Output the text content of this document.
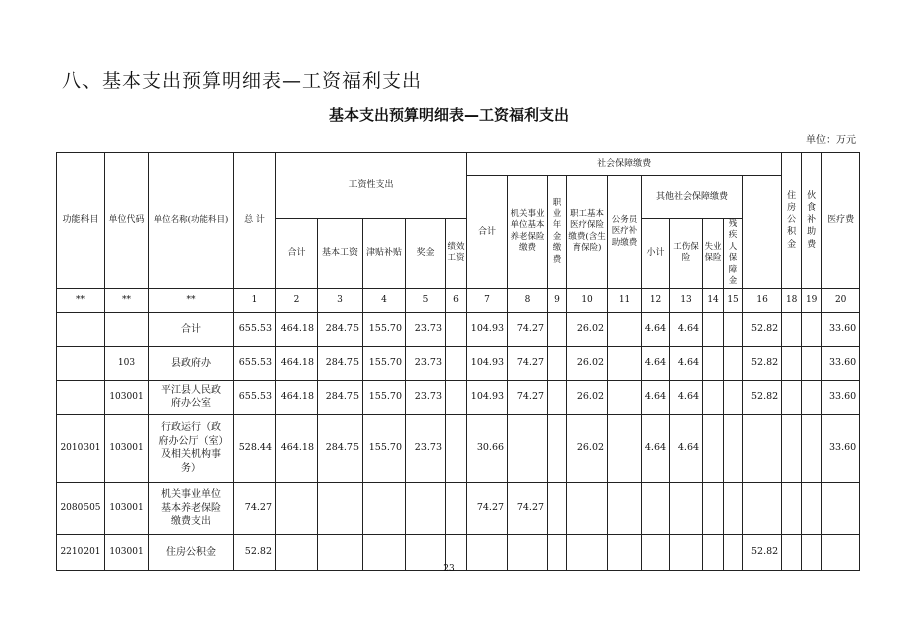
八、基本支出预算明细表—工资福利支出
基本支出预算明细表—工资福利支出
单位：万元
功能科目	单位代码	单位名称(功能科目)	总 计	工资性支出					社会保障缴费										住房公积金	伙食补助费	医疗费	
									合计	机关事业单位基本养老保险缴费	职业年金缴费	职工基本医疗保险缴费(含生育保险)	公务员医疗补助缴费	其他社会保障缴费								
				合计	基本工资	津贴补贴	奖金	绩效工资						小计	工伤保险	失业保险	残疾人保障金					
**	**	**	1	2	3	4	5	6	7	8	9	10	11	12	13	14	15	16	18	19	20	
		合计	655.53	464.18	284.75	155.70	23.73		104.93	74.27		26.02		4.64	4.64			52.82			33.60	
	103	县政府办	655.53	464.18	284.75	155.70	23.73		104.93	74.27		26.02		4.64	4.64			52.82			33.60	
	103001	平江县人民政府办公室	655.53	464.18	284.75	155.70	23.73		104.93	74.27		26.02		4.64	4.64			52.82			33.60	
2010301	103001	行政运行（政府办公厅（室）及相关机构事务）	528.44	464.18	284.75	155.70	23.73		30.66			26.02		4.64	4.64						33.60	
2080505	103001	机关事业单位基本养老保险缴费支出	74.27						74.27	74.27												
2210201	103001	住房公积金	52.82															52.82				
23
